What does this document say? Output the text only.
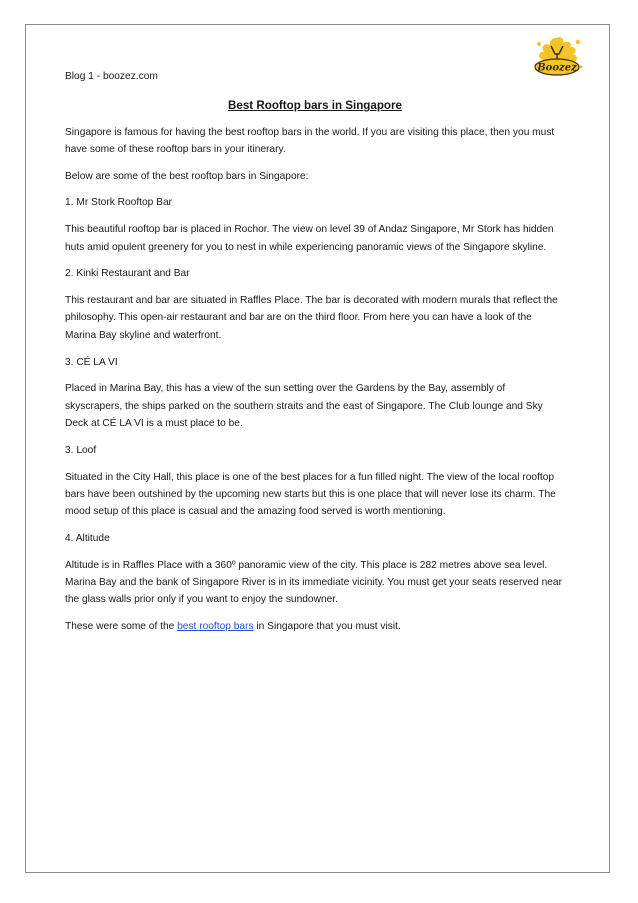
Boozez

Blog 1 - boozez.com

Best Rooftop bars in Singapore

Singapore is famous for having the best rooftop bars in the world. If you are visiting this place, then you must have some of these rooftop bars in your itinerary.

Below are some of the best rooftop bars in Singapore:

1. Mr Stork Rooftop Bar

This beautiful rooftop bar is placed in Rochor. The view on level 39 of Andaz Singapore, Mr Stork has hidden huts amid opulent greenery for you to nest in while experiencing panoramic views of the Singapore skyline.

2. Kinki Restaurant and Bar

This restaurant and bar are situated in Raffles Place. The bar is decorated with modern murals that reflect the philosophy. This open-air restaurant and bar are on the third floor. From here you can have a look of the Marina Bay skyline and waterfront.

3. CÉ LA VI

Placed in Marina Bay, this has a view of the sun setting over the Gardens by the Bay, assembly of skyscrapers, the ships parked on the southern straits and the east of Singapore. The Club lounge and Sky Deck at CÉ LA VI is a must place to be.

3. Loof

Situated in the City Hall, this place is one of the best places for a fun filled night. The view of the local rooftop bars have been outshined by the upcoming new starts but this is one place that will never lose its charm. The mood setup of this place is casual and the amazing food served is worth mentioning.

4. Altitude

Altitude is in Raffles Place with a 360º panoramic view of the city. This place is 282 metres above sea level. Marina Bay and the bank of Singapore River is in its immediate vicinity. You must get your seats reserved near the glass walls prior only if you want to enjoy the sundowner.

These were some of the best rooftop bars in Singapore that you must visit.
